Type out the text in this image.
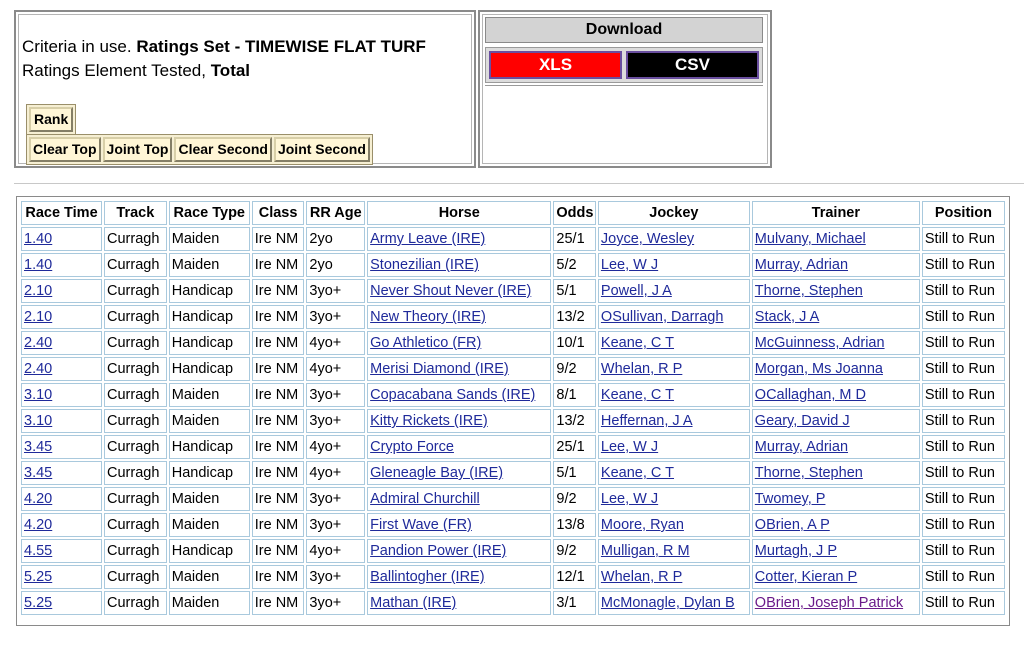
Criteria in use. Ratings Set - TIMEWISE FLAT TURF
Ratings Element Tested, Total
Rank
Clear Top Joint Top Clear Second Joint Second
Download
XLS	CSV
Race Time	Track	Race Type	Class	RR Age	Horse	Odds	Jockey	Trainer	Position
1.40	Curragh	Maiden	Ire NM	2yo	Army Leave (IRE)	25/1	Joyce, Wesley	Mulvany, Michael	Still to Run
1.40	Curragh	Maiden	Ire NM	2yo	Stonezilian (IRE)	5/2	Lee, W J	Murray, Adrian	Still to Run
2.10	Curragh	Handicap	Ire NM	3yo+	Never Shout Never (IRE)	5/1	Powell, J A	Thorne, Stephen	Still to Run
2.10	Curragh	Handicap	Ire NM	3yo+	New Theory (IRE)	13/2	OSullivan, Darragh	Stack, J A	Still to Run
2.40	Curragh	Handicap	Ire NM	4yo+	Go Athletico (FR)	10/1	Keane, C T	McGuinness, Adrian	Still to Run
2.40	Curragh	Handicap	Ire NM	4yo+	Merisi Diamond (IRE)	9/2	Whelan, R P	Morgan, Ms Joanna	Still to Run
3.10	Curragh	Maiden	Ire NM	3yo+	Copacabana Sands (IRE)	8/1	Keane, C T	OCallaghan, M D	Still to Run
3.10	Curragh	Maiden	Ire NM	3yo+	Kitty Rickets (IRE)	13/2	Heffernan, J A	Geary, David J	Still to Run
3.45	Curragh	Handicap	Ire NM	4yo+	Crypto Force	25/1	Lee, W J	Murray, Adrian	Still to Run
3.45	Curragh	Handicap	Ire NM	4yo+	Gleneagle Bay (IRE)	5/1	Keane, C T	Thorne, Stephen	Still to Run
4.20	Curragh	Maiden	Ire NM	3yo+	Admiral Churchill	9/2	Lee, W J	Twomey, P	Still to Run
4.20	Curragh	Maiden	Ire NM	3yo+	First Wave (FR)	13/8	Moore, Ryan	OBrien, A P	Still to Run
4.55	Curragh	Handicap	Ire NM	4yo+	Pandion Power (IRE)	9/2	Mulligan, R M	Murtagh, J P	Still to Run
5.25	Curragh	Maiden	Ire NM	3yo+	Ballintogher (IRE)	12/1	Whelan, R P	Cotter, Kieran P	Still to Run
5.25	Curragh	Maiden	Ire NM	3yo+	Mathan (IRE)	3/1	McMonagle, Dylan B	OBrien, Joseph Patrick	Still to Run
